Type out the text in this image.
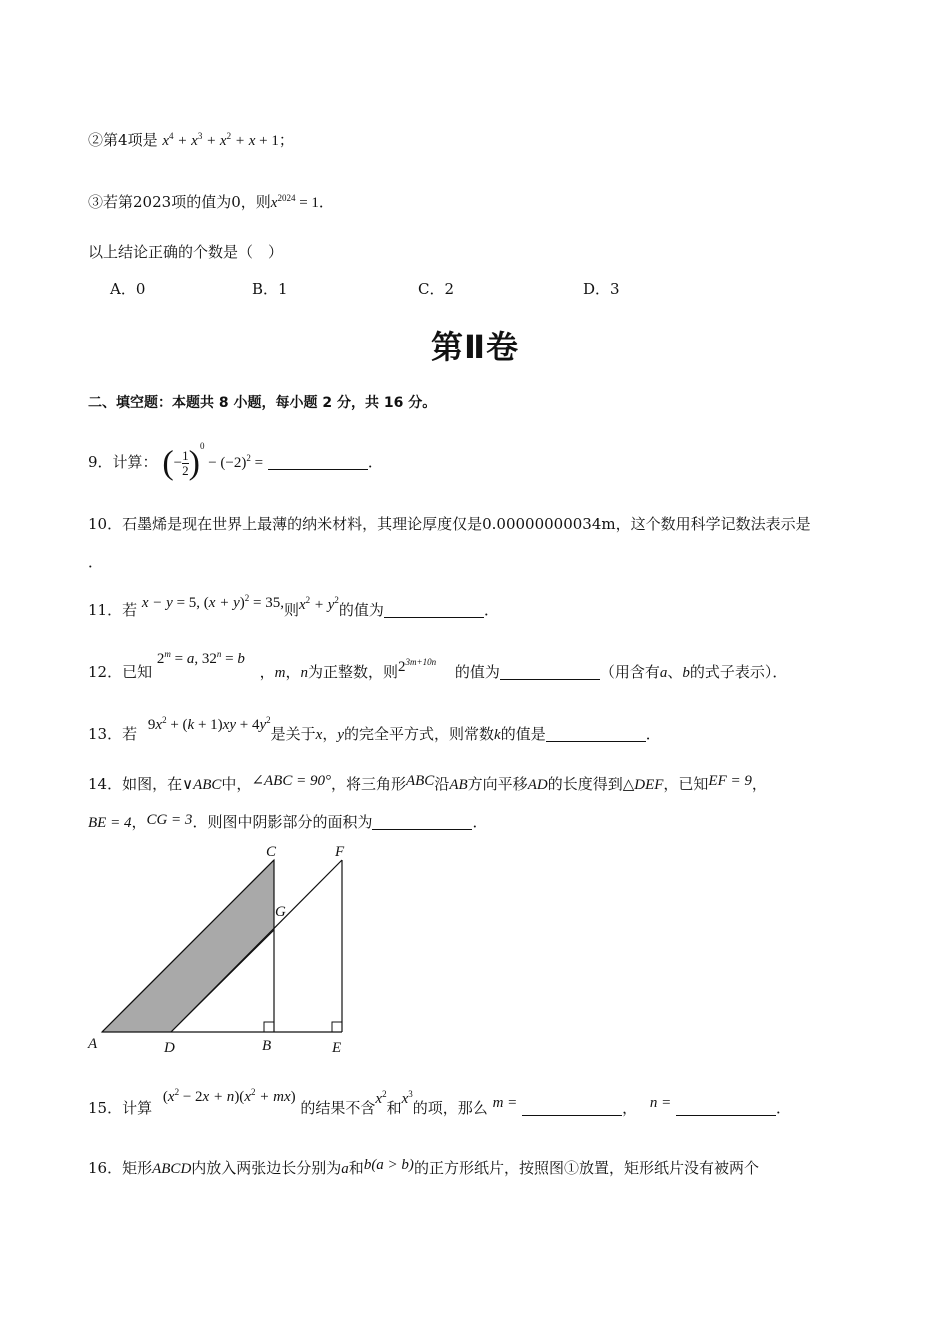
②第4项是 $x^4 + x^3 + x^2 + x + 1$；
③若第2023项的值为0，则$x^{2024} = 1$．
以上结论正确的个数是（　）
A．0	B．1	C．2	D．3
第Ⅱ卷
二、填空题：本题共 8 小题，每小题 2 分，共 16 分。
9．计算： (− $\frac{1}{2} )^0 - (-2)^2$ =	．
10．石墨烯是现在世界上最薄的纳米材料，其理论厚度仅是0.00000000034m，这个数用科学记数法表示是
．
11．若 x − y = 5, $(x + y)^2 = 35$,则$x^2 + y^2$的值为	．
12．已知 $2^m = a$, $32^n = b$ ，m，n为正整数，则$2^{3m+10n}$ 的值为	（用含有a、b的式子表示）．
13．若 $9x^2 + (k + 1)xy + 4y^2$是关于x，y的完全平方式，则常数k的值是	．
14．如图，在∨ABC中，∠ABC = 90°，将三角形ABC沿AB方向平移AD的长度得到△DEF，已知EF = 9，
BE = 4，CG = 3．则图中阴影部分的面积为	．
A	D	B	E
C	F
G
15．计算 $(x^2 - 2x + n)(x^2 + mx)$ 的结果不含$x^2$和$x^3$的项，那么 m =	， n =	．
16．矩形ABCD内放入两张边长分别为a和b(a > b)的正方形纸片，按照图①放置，矩形纸片没有被两个
